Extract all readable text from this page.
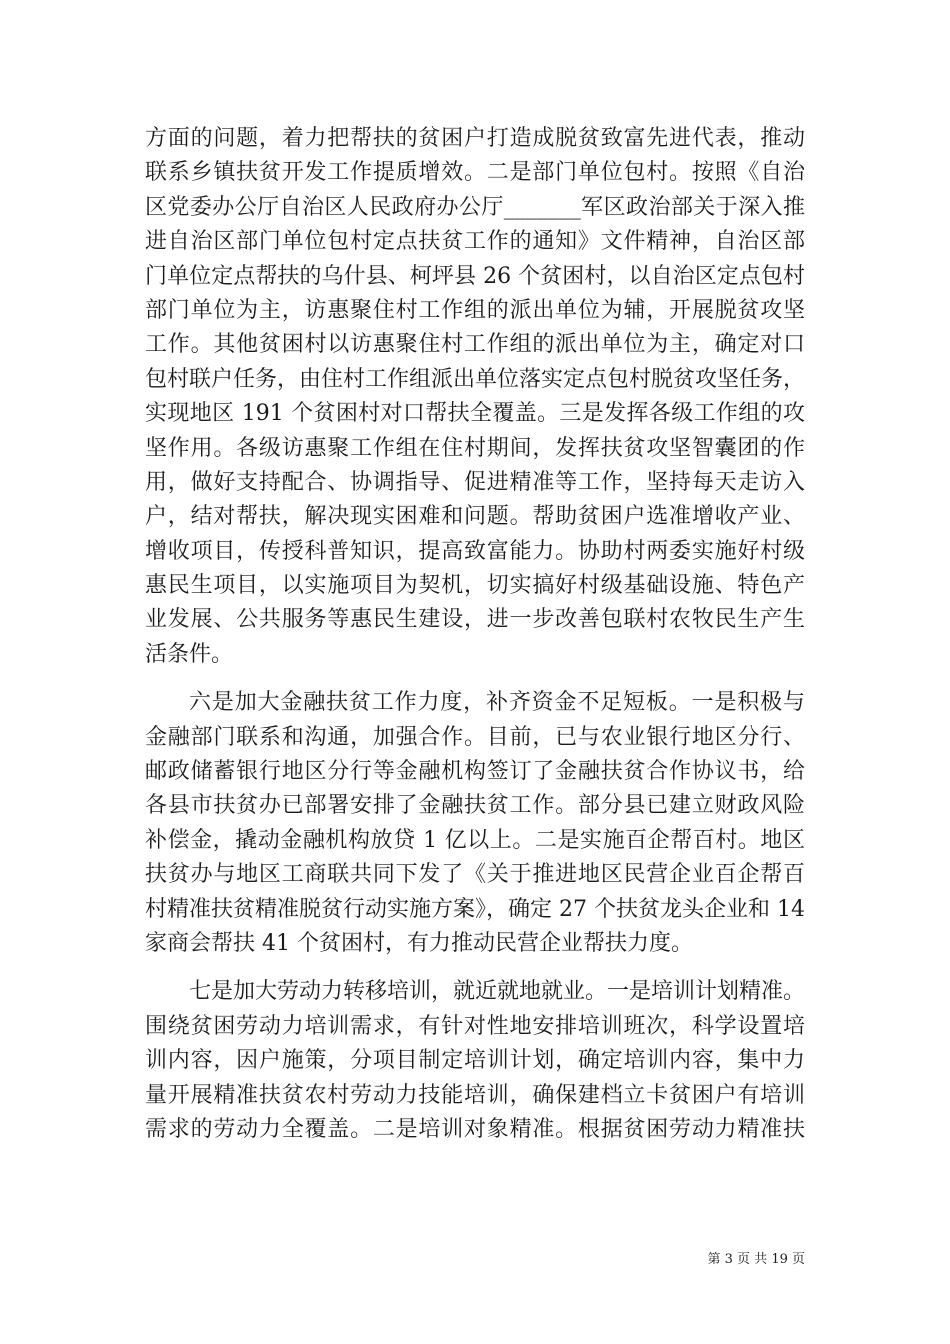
方面的问题，着力把帮扶的贫困户打造成脱贫致富先进代表，推动
联系乡镇扶贫开发工作提质增效。二是部门单位包村。按照《自治
区党委办公厅自治区人民政府办公厅_______军区政治部关于深入推
进自治区部门单位包村定点扶贫工作的通知》文件精神，自治区部
门单位定点帮扶的乌什县、柯坪县 26 个贫困村，以自治区定点包村
部门单位为主，访惠聚住村工作组的派出单位为辅，开展脱贫攻坚
工作。其他贫困村以访惠聚住村工作组的派出单位为主，确定对口
包村联户任务，由住村工作组派出单位落实定点包村脱贫攻坚任务，
实现地区 191 个贫困村对口帮扶全覆盖。三是发挥各级工作组的攻
坚作用。各级访惠聚工作组在住村期间，发挥扶贫攻坚智囊团的作
用，做好支持配合、协调指导、促进精准等工作，坚持每天走访入
户，结对帮扶，解决现实困难和问题。帮助贫困户选准增收产业、
增收项目，传授科普知识，提高致富能力。协助村两委实施好村级
惠民生项目，以实施项目为契机，切实搞好村级基础设施、特色产
业发展、公共服务等惠民生建设，进一步改善包联村农牧民生产生
活条件。
六是加大金融扶贫工作力度，补齐资金不足短板。一是积极与
金融部门联系和沟通，加强合作。目前，已与农业银行地区分行、
邮政储蓄银行地区分行等金融机构签订了金融扶贫合作协议书，给
各县市扶贫办已部署安排了金融扶贫工作。部分县已建立财政风险
补偿金，撬动金融机构放贷 1 亿以上。二是实施百企帮百村。地区
扶贫办与地区工商联共同下发了《关于推进地区民营企业百企帮百
村精准扶贫精准脱贫行动实施方案》，确定 27 个扶贫龙头企业和 14
家商会帮扶 41 个贫困村，有力推动民营企业帮扶力度。
七是加大劳动力转移培训，就近就地就业。一是培训计划精准。
围绕贫困劳动力培训需求，有针对性地安排培训班次，科学设置培
训内容，因户施策，分项目制定培训计划，确定培训内容，集中力
量开展精准扶贫农村劳动力技能培训，确保建档立卡贫困户有培训
需求的劳动力全覆盖。二是培训对象精准。根据贫困劳动力精准扶
第 3 页 共 19 页
